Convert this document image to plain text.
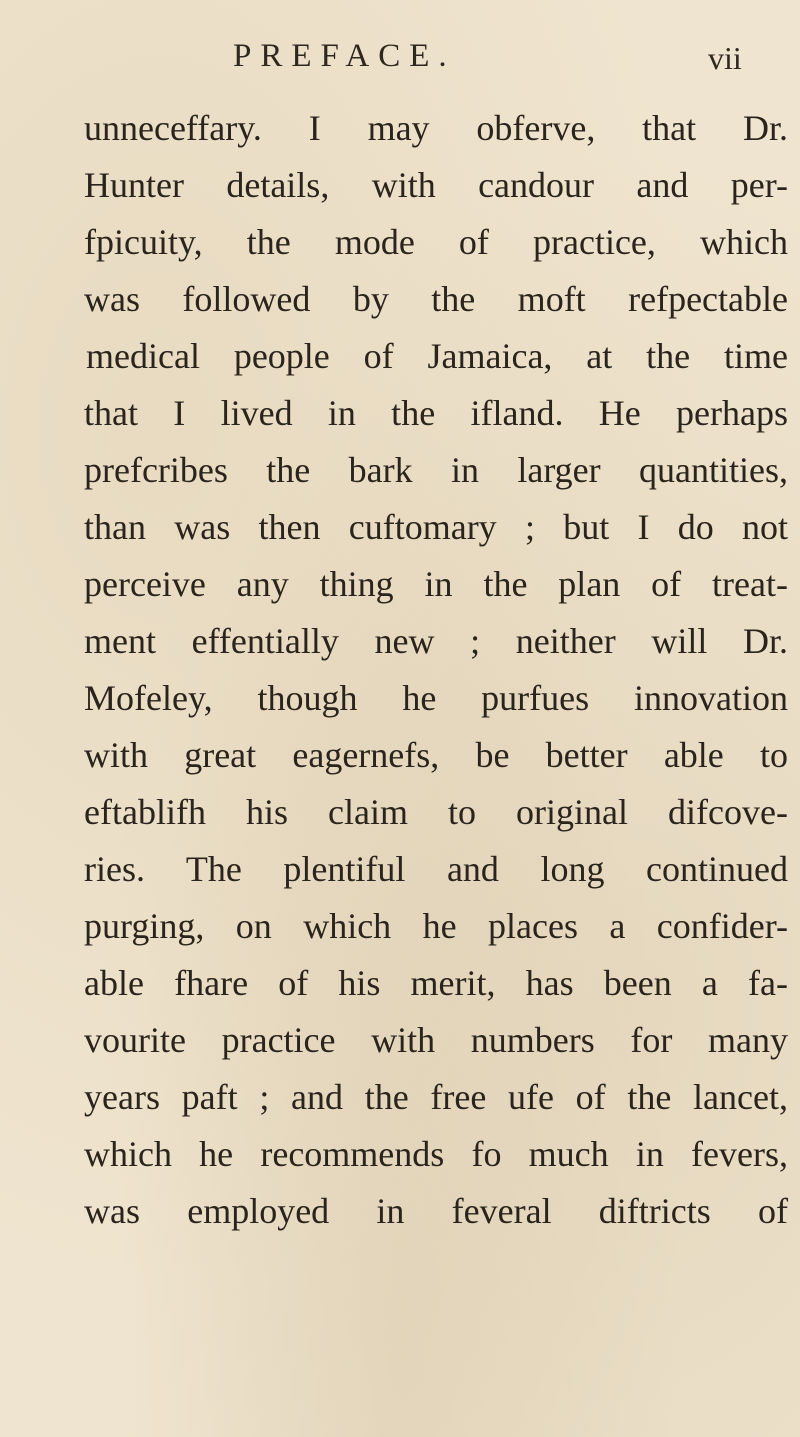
PREFACE.	vii
unneceffary. I may obferve, that Dr.
Hunter details, with candour and per-
fpicuity, the mode of practice, which
was followed by the moft refpectable
medical people of Jamaica, at the time
that I lived in the ifland. He perhaps
prefcribes the bark in larger quantities,
than was then cuftomary ; but I do not
perceive any thing in the plan of treat-
ment effentially new ; neither will Dr.
Mofeley, though he purfues innovation
with great eagernefs, be better able to
eftablifh his claim to original difcove-
ries. The plentiful and long continued
purging, on which he places a confider-
able fhare of his merit, has been a fa-
vourite practice with numbers for many
years paft ; and the free ufe of the lancet,
which he recommends fo much in fevers,
was employed in feveral diftricts of
